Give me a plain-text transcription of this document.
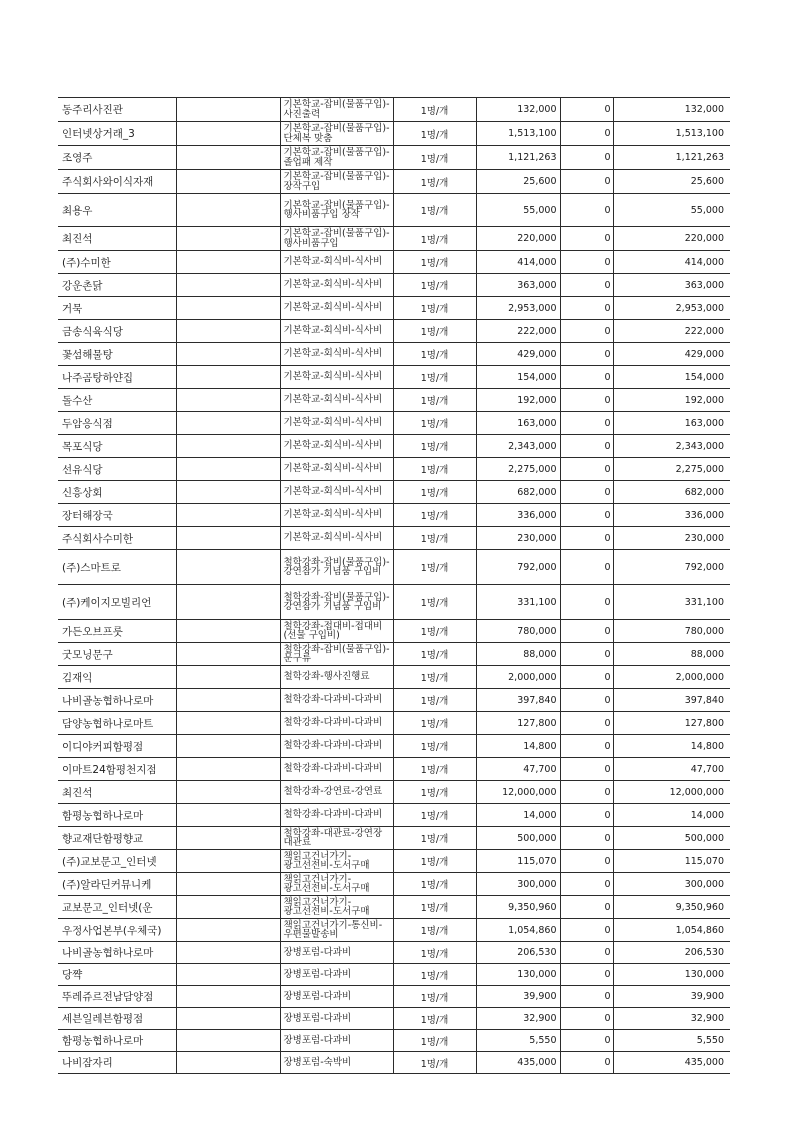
동주리사진관		기본학교-잡비(물품구입)-사진출력	1명/개	132,000	0	132,000
인터넷상거래_3		기본학교-잡비(물품구입)-단체복 맞춤	1명/개	1,513,100	0	1,513,100
조영주		기본학교-잡비(물품구입)-졸업패 제작	1명/개	1,121,263	0	1,121,263
주식회사와이식자재		기본학교-잡비(물품구입)-장작구입	1명/개	25,600	0	25,600
최용우		기본학교-잡비(물품구입)-행사비품구입 장작	1명/개	55,000	0	55,000
최진석		기본학교-잡비(물품구입)-행사비품구입	1명/개	220,000	0	220,000
(주)수미한		기본학교-회식비-식사비	1명/개	414,000	0	414,000
강운촌닭		기본학교-회식비-식사비	1명/개	363,000	0	363,000
거묵		기본학교-회식비-식사비	1명/개	2,953,000	0	2,953,000
금송식육식당		기본학교-회식비-식사비	1명/개	222,000	0	222,000
꽃섬해물탕		기본학교-회식비-식사비	1명/개	429,000	0	429,000
나주곰탕하얀집		기본학교-회식비-식사비	1명/개	154,000	0	154,000
돌수산		기본학교-회식비-식사비	1명/개	192,000	0	192,000
두암응식점		기본학교-회식비-식사비	1명/개	163,000	0	163,000
목포식당		기본학교-회식비-식사비	1명/개	2,343,000	0	2,343,000
선유식당		기본학교-회식비-식사비	1명/개	2,275,000	0	2,275,000
신흥상회		기본학교-회식비-식사비	1명/개	682,000	0	682,000
장터해장국		기본학교-회식비-식사비	1명/개	336,000	0	336,000
주식회사수미한		기본학교-회식비-식사비	1명/개	230,000	0	230,000
(주)스마트로		철학강좌-잡비(물품구입)-강연참가 기념품 구입비	1명/개	792,000	0	792,000
(주)케이지모빌리언		철학강좌-잡비(물품구입)-강연참가 기념품 구입비	1명/개	331,100	0	331,100
가든오브프룻		철학강좌-접대비-접대비(선물 구입비)	1명/개	780,000	0	780,000
굿모닝문구		철학강좌-잡비(물품구입)-문구류	1명/개	88,000	0	88,000
김재익		철학강좌-행사진행료	1명/개	2,000,000	0	2,000,000
나비골농협하나로마		철학강좌-다과비-다과비	1명/개	397,840	0	397,840
담양농협하나로마트		철학강좌-다과비-다과비	1명/개	127,800	0	127,800
이디야커피함평점		철학강좌-다과비-다과비	1명/개	14,800	0	14,800
이마트24함평천지점		철학강좌-다과비-다과비	1명/개	47,700	0	47,700
최진석		철학강좌-강연료-강연료	1명/개	12,000,000	0	12,000,000
함평농협하나로마		철학강좌-다과비-다과비	1명/개	14,000	0	14,000
향교재단함평향교		철학강좌-대관료-강연장 대관료	1명/개	500,000	0	500,000
(주)교보문고_인터넷		책읽고건너가기-광고선전비-도서구매	1명/개	115,070	0	115,070
(주)알라딘커뮤니케		책읽고건너가기-광고선전비-도서구매	1명/개	300,000	0	300,000
교보문고_인터넷(운		책읽고건너가기-광고선전비-도서구매	1명/개	9,350,960	0	9,350,960
우정사업본부(우체국)		책읽고건너가기-통신비-우편물발송비	1명/개	1,054,860	0	1,054,860
나비골농협하나로마		장병포럼-다과비	1명/개	206,530	0	206,530
당쨕		장병포럼-다과비	1명/개	130,000	0	130,000
뚜레쥬르전남담양점		장병포럼-다과비	1명/개	39,900	0	39,900
세븐일레븐함평점		장병포럼-다과비	1명/개	32,900	0	32,900
함평농협하나로마		장병포럼-다과비	1명/개	5,550	0	5,550
나비잠자리		장병포럼-숙박비	1명/개	435,000	0	435,000
